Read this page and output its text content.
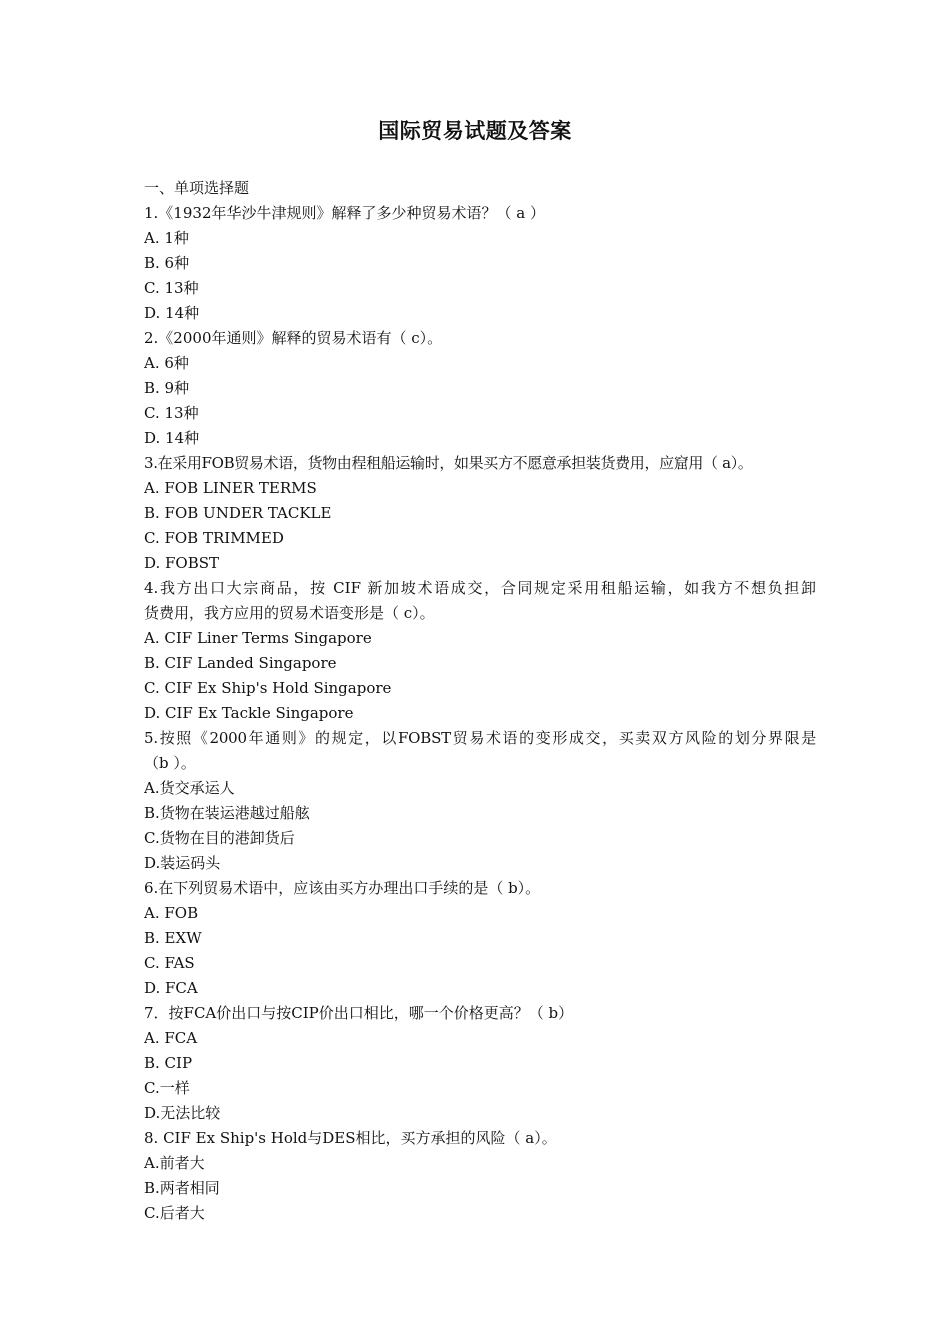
国际贸易试题及答案
一、单项选择题
1.《1932年华沙牛津规则》解释了多少种贸易术语？（ a ）
A. 1种
B. 6种
C. 13种
D. 14种
2.《2000年通则》解释的贸易术语有（ c）。
A. 6种
B. 9种
C. 13种
D. 14种
3.在采用FOB贸易术语，货物由程租船运输时，如果买方不愿意承担装货费用，应窟用（ a）。
A. FOB LINER TERMS
B. FOB UNDER TACKLE
C. FOB TRIMMED
D. FOBST
4.我方出口大宗商品，按 CIF 新加坡术语成交，合同规定采用租船运输，如我方不想负担卸
货费用，我方应用的贸易术语变形是（ c）。
A. CIF Liner Terms Singapore
B. CIF Landed Singapore
C. CIF Ex Ship's Hold Singapore
D. CIF Ex Tackle Singapore
5.按照《2000年通则》的规定，以FOBST贸易术语的变形成交，买卖双方风险的划分界限是
（b ）。
A.货交承运人
B.货物在装运港越过船舷
C.货物在目的港卸货后
D.装运码头
6.在下列贸易术语中，应该由买方办理出口手续的是（ b）。
A. FOB
B. EXW
C. FAS
D. FCA
7．按FCA价出口与按CIP价出口相比，哪一个价格更高？（ b）
A. FCA
B. CIP
C.一样
D.无法比较
8. CIF Ex Ship's Hold与DES相比，买方承担的风险（ a）。
A.前者大
B.两者相同
C.后者大
